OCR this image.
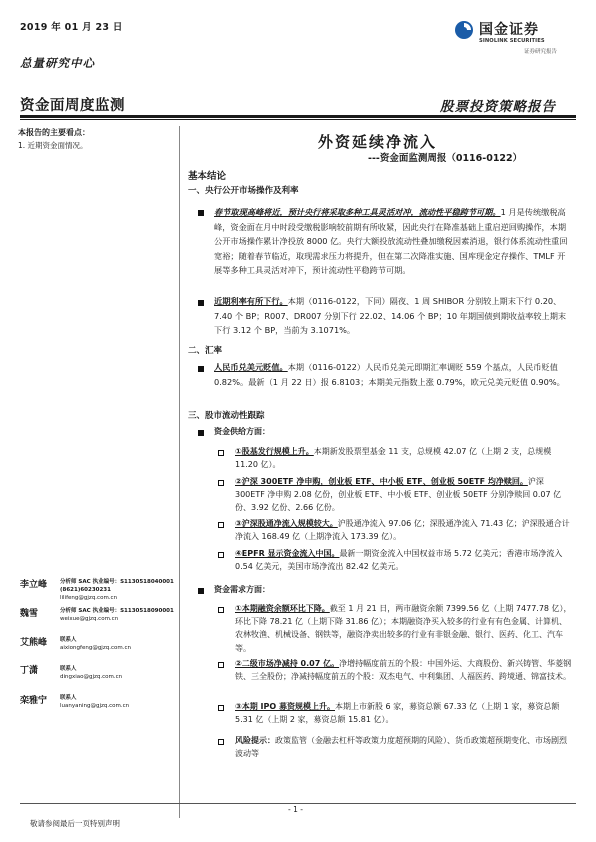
2019 年 01 月 23 日	国金证券
SINOLINK SECURITIES
证券研究报告
总量研究中心
资金面周度监测	股票投资策略报告
本报告的主要看点：
1. 近期资金面情况。	外资延续净流入
---资金面监测周报（0116-0122）
基本结论
一、央行公开市场操作及利率
春节取现高峰将近，预计央行将采取多种工具灵活对冲，流动性平稳跨节可期。1 月是传统缴税高峰，资金面在月中时段受缴税影响较前期有所收紧，因此央行在降准基础上重启逆回购操作，本期公开市场操作累计净投放 8000 亿。央行大额投放流动性叠加缴税因素消退，银行体系流动性重回宽裕；随着春节临近，取现需求压力将提升，但在第二次降准实施、国库现金定存操作、TMLF 开展等多种工具灵活对冲下，预计流动性平稳跨节可期。
近期利率有所下行。本期（0116-0122，下同）隔夜、1 周 SHIBOR 分别较上期末下行 0.20、7.40 个 BP；R007、DR007 分别下行 22.02、14.06 个 BP；10 年期国债到期收益率较上期末下行 3.12 个 BP，当前为 3.1071%。
二、汇率
人民币兑美元贬值。本期（0116-0122）人民币兑美元即期汇率调贬 559 个基点，人民币贬值 0.82%。最新（1 月 22 日）报 6.8103；本期美元指数上涨 0.79%，欧元兑美元贬值 0.90%。
三、股市流动性跟踪
资金供给方面：
①股基发行规模上升。本期新发股票型基金 11 支，总规模 42.07 亿（上期 2 支，总规模 11.20 亿）。
②沪深 300ETF 净申购，创业板 ETF、中小板 ETF、创业板 50ETF 均净赎回。沪深 300ETF 净申购 2.08 亿份，创业板 ETF、中小板 ETF、创业板 50ETF 分别净赎回 0.07 亿份、3.92 亿份、2.66 亿份。
③沪深股通净流入规模较大。沪股通净流入 97.06 亿；深股通净流入 71.43 亿；沪深股通合计净流入 168.49 亿（上期净流入 173.39 亿）。
④EPFR 显示资金流入中国。最新一期资金流入中国权益市场 5.72 亿美元；香港市场净流入 0.54 亿美元，美国市场净流出 82.42 亿美元。
资金需求方面：
①本期融资余额环比下降。截至 1 月 21 日，两市融资余额 7399.56 亿（上期 7477.78 亿），环比下降 78.21 亿（上期下降 31.86 亿）；本期融资净买入较多的行业有有色金属、计算机、农林牧渔、机械设备、钢铁等，融资净卖出较多的行业有非银金融、银行、医药、化工、汽车等。
②二级市场净减持 0.07 亿。净增持幅度前五的个股：中国外运、大商股份、新兴铸管、华菱钢铁、三全股份；净减持幅度前五的个股：双杰电气、中利集团、人福医药、跨境通、锦富技术。
③本期 IPO 募资规模上升。本期上市新股 6 家，募资总额 67.33 亿（上期 1 家，募资总额 5.31 亿（上期 2 家，募资总额 15.81 亿）。
风险提示：政策监管（金融去杠杆等政策力度超预期的风险）、货币政策超预期变化、市场剧烈波动等
李立峰 分析师 SAC 执业编号：S1130518040001
(8621)60230231
lilifeng@gjzq.com.cn
魏雪	分析师 SAC 执业编号：S1130518090001
weixue@gjzq.com.cn
艾熊峰 联系人
aixiongfeng@gjzq.com.cn
丁潇	联系人
dingxiao@gjzq.com.cn
栾雅宁 联系人
luanyaning@gjzq.com.cn
- 1 -
敬请参阅最后一页特别声明
